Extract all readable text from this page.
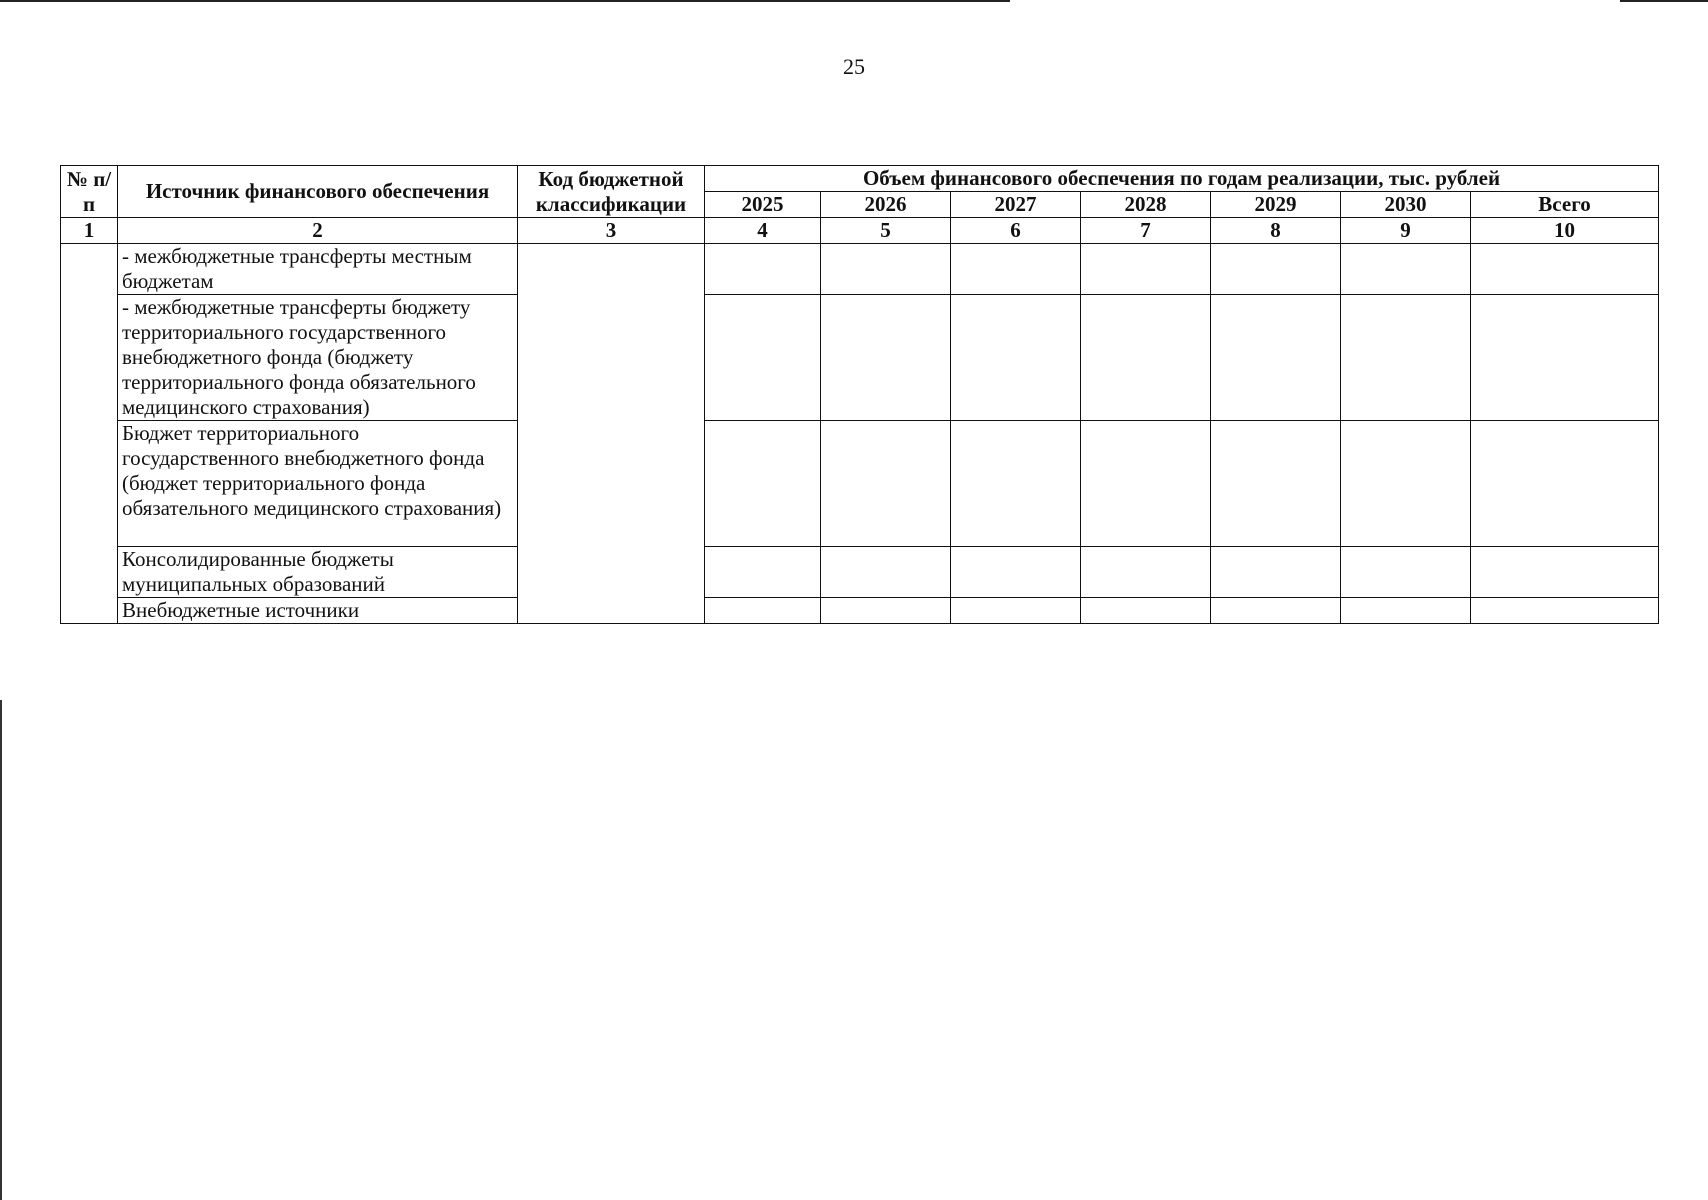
25
№ п/п	Источник финансового обеспечения	Код бюджетной классификации	Объем финансового обеспечения по годам реализации, тыс. рублей						
			2025	2026	2027	2028	2029	2030	Всего
1	2	3	4	5	6	7	8	9	10
	- межбюджетные трансферты местным бюджетам								
	- межбюджетные трансферты бюджету территориального государственного внебюджетного фонда (бюджету территориального фонда обязательного медицинского страхования)								
	Бюджет территориального государственного внебюджетного фонда (бюджет территориального фонда обязательного медицинского страхования)								
	Консолидированные бюджеты муниципальных образований								
	Внебюджетные источники								
